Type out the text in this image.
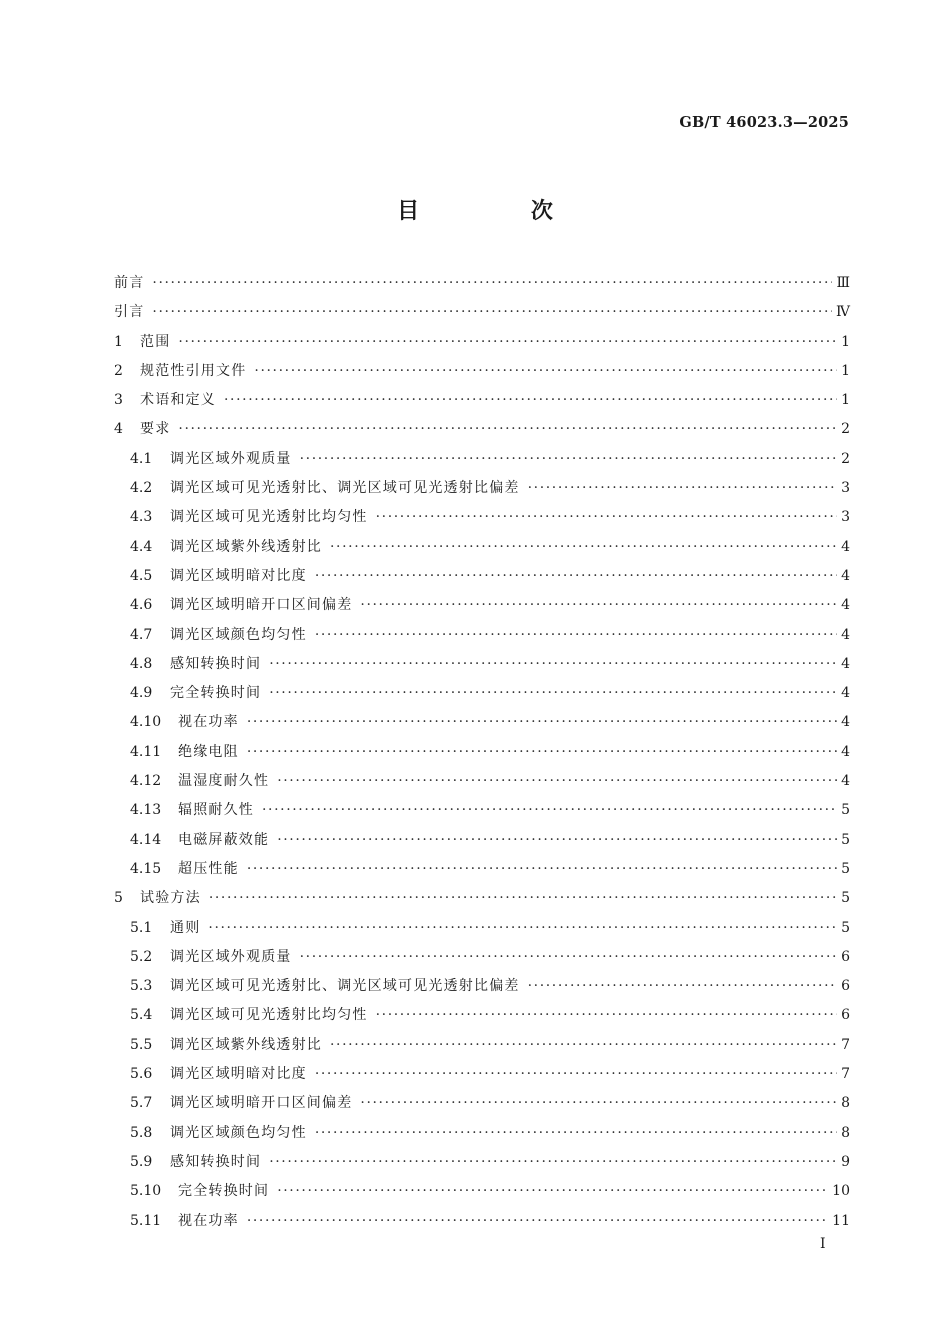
GB/T 46023.3—2025
目 次
前言 ·····	Ⅲ
引言 ·····	Ⅳ
1	范围 ·····	1
2	规范性引用文件 ·····	1
3	术语和定义 ·····	1
4	要求 ·····	2
4.1	调光区域外观质量 ·····	2
4.2	调光区域可见光透射比、调光区域可见光透射比偏差 ·····	3
4.3	调光区域可见光透射比均匀性 ·····	3
4.4	调光区域紫外线透射比 ·····	4
4.5	调光区域明暗对比度 ·····	4
4.6	调光区域明暗开口区间偏差 ·····	4
4.7	调光区域颜色均匀性 ·····	4
4.8	感知转换时间 ·····	4
4.9	完全转换时间 ·····	4
4.10	视在功率 ·····	4
4.11	绝缘电阻 ·····	4
4.12	温湿度耐久性 ·····	4
4.13	辐照耐久性 ·····	5
4.14	电磁屏蔽效能 ·····	5
4.15	超压性能 ·····	5
5	试验方法 ·····	5
5.1	通则 ·····	5
5.2	调光区域外观质量 ·····	6
5.3	调光区域可见光透射比、调光区域可见光透射比偏差 ·····	6
5.4	调光区域可见光透射比均匀性 ·····	6
5.5	调光区域紫外线透射比 ·····	7
5.6	调光区域明暗对比度 ·····	7
5.7	调光区域明暗开口区间偏差 ·····	8
5.8	调光区域颜色均匀性 ·····	8
5.9	感知转换时间 ·····	9
5.10	完全转换时间 ·····	10
5.11	视在功率 ·····	11
I
